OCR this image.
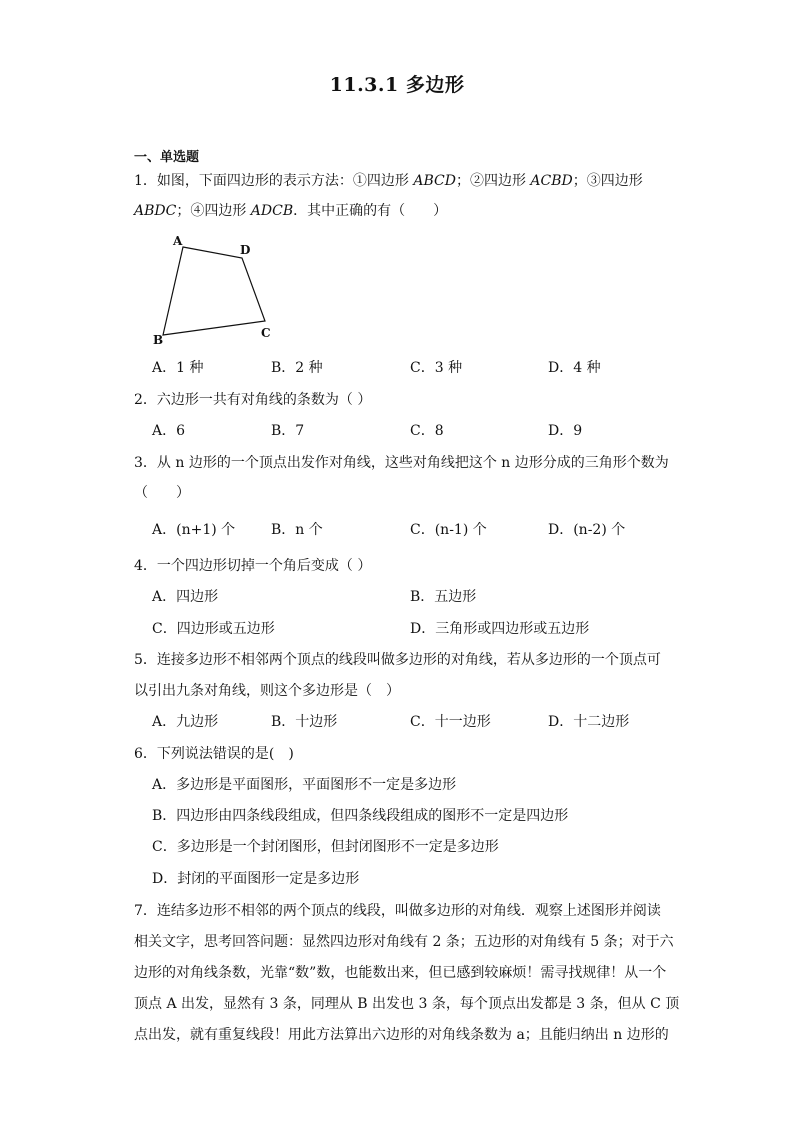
11.3.1 多边形
一、单选题
1．如图，下面四边形的表示方法：①四边形 ABCD；②四边形 ACBD；③四边形
ABDC；④四边形 ADCB．其中正确的有（　　）
A
D
C
B
A．1 种	B．2 种	C．3 种	D．4 种
2．六边形一共有对角线的条数为（ ）
A．6	B．7	C．8	D．9
3．从 n 边形的一个顶点出发作对角线，这些对角线把这个 n 边形分成的三角形个数为
（　　）
A．(n+1) 个	B．n 个	C．(n-1) 个	D．(n-2) 个
4．一个四边形切掉一个角后变成（ ）
A．四边形	B．五边形
C．四边形或五边形	D．三角形或四边形或五边形
5．连接多边形不相邻两个顶点的线段叫做多边形的对角线，若从多边形的一个顶点可
以引出九条对角线，则这个多边形是（　）
A．九边形	B．十边形	C．十一边形	D．十二边形
6．下列说法错误的是(　)
A．多边形是平面图形，平面图形不一定是多边形
B．四边形由四条线段组成，但四条线段组成的图形不一定是四边形
C．多边形是一个封闭图形，但封闭图形不一定是多边形
D．封闭的平面图形一定是多边形
7．连结多边形不相邻的两个顶点的线段，叫做多边形的对角线．观察上述图形并阅读
相关文字，思考回答问题：显然四边形对角线有 2 条；五边形的对角线有 5 条；对于六
边形的对角线条数，光靠“数”数，也能数出来，但已感到较麻烦！需寻找规律！从一个
顶点 A 出发，显然有 3 条，同理从 B 出发也 3 条，每个顶点出发都是 3 条，但从 C 顶
点出发，就有重复线段！用此方法算出六边形的对角线条数为 a；且能归纳出 n 边形的
